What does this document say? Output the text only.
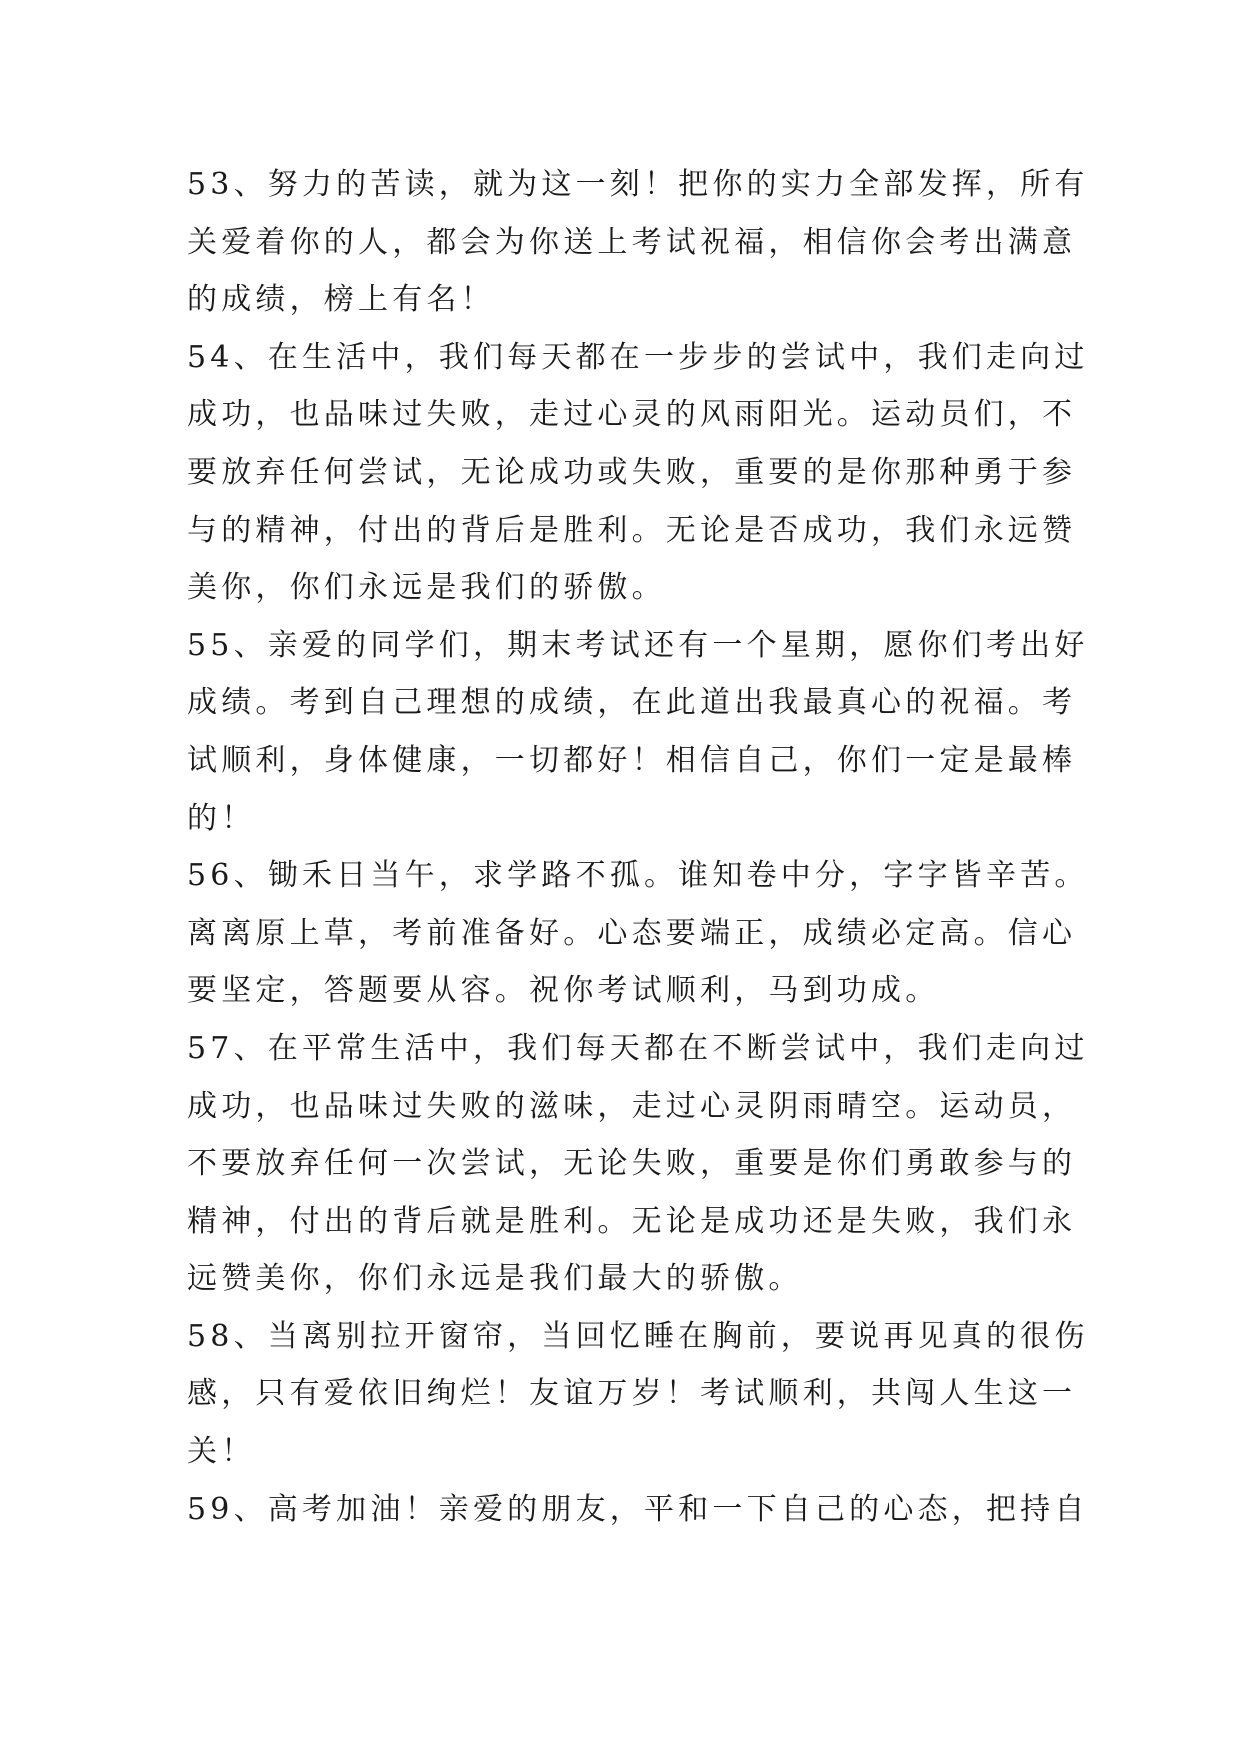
53、努力的苦读，就为这一刻！把你的实力全部发挥，所有
关爱着你的人，都会为你送上考试祝福，相信你会考出满意
的成绩，榜上有名！
54、在生活中，我们每天都在一步步的尝试中，我们走向过
成功，也品味过失败，走过心灵的风雨阳光。运动员们，不
要放弃任何尝试，无论成功或失败，重要的是你那种勇于参
与的精神，付出的背后是胜利。无论是否成功，我们永远赞
美你，你们永远是我们的骄傲。
55、亲爱的同学们，期末考试还有一个星期，愿你们考出好
成绩。考到自己理想的成绩，在此道出我最真心的祝福。考
试顺利，身体健康，一切都好！相信自己，你们一定是最棒
的！
56、锄禾日当午，求学路不孤。谁知卷中分，字字皆辛苦。
离离原上草，考前准备好。心态要端正，成绩必定高。信心
要坚定，答题要从容。祝你考试顺利，马到功成。
57、在平常生活中，我们每天都在不断尝试中，我们走向过
成功，也品味过失败的滋味，走过心灵阴雨晴空。运动员，
不要放弃任何一次尝试，无论失败，重要是你们勇敢参与的
精神，付出的背后就是胜利。无论是成功还是失败，我们永
远赞美你，你们永远是我们最大的骄傲。
58、当离别拉开窗帘，当回忆睡在胸前，要说再见真的很伤
感，只有爱依旧绚烂！友谊万岁！考试顺利，共闯人生这一
关！
59、高考加油！亲爱的朋友，平和一下自己的心态，把持自
